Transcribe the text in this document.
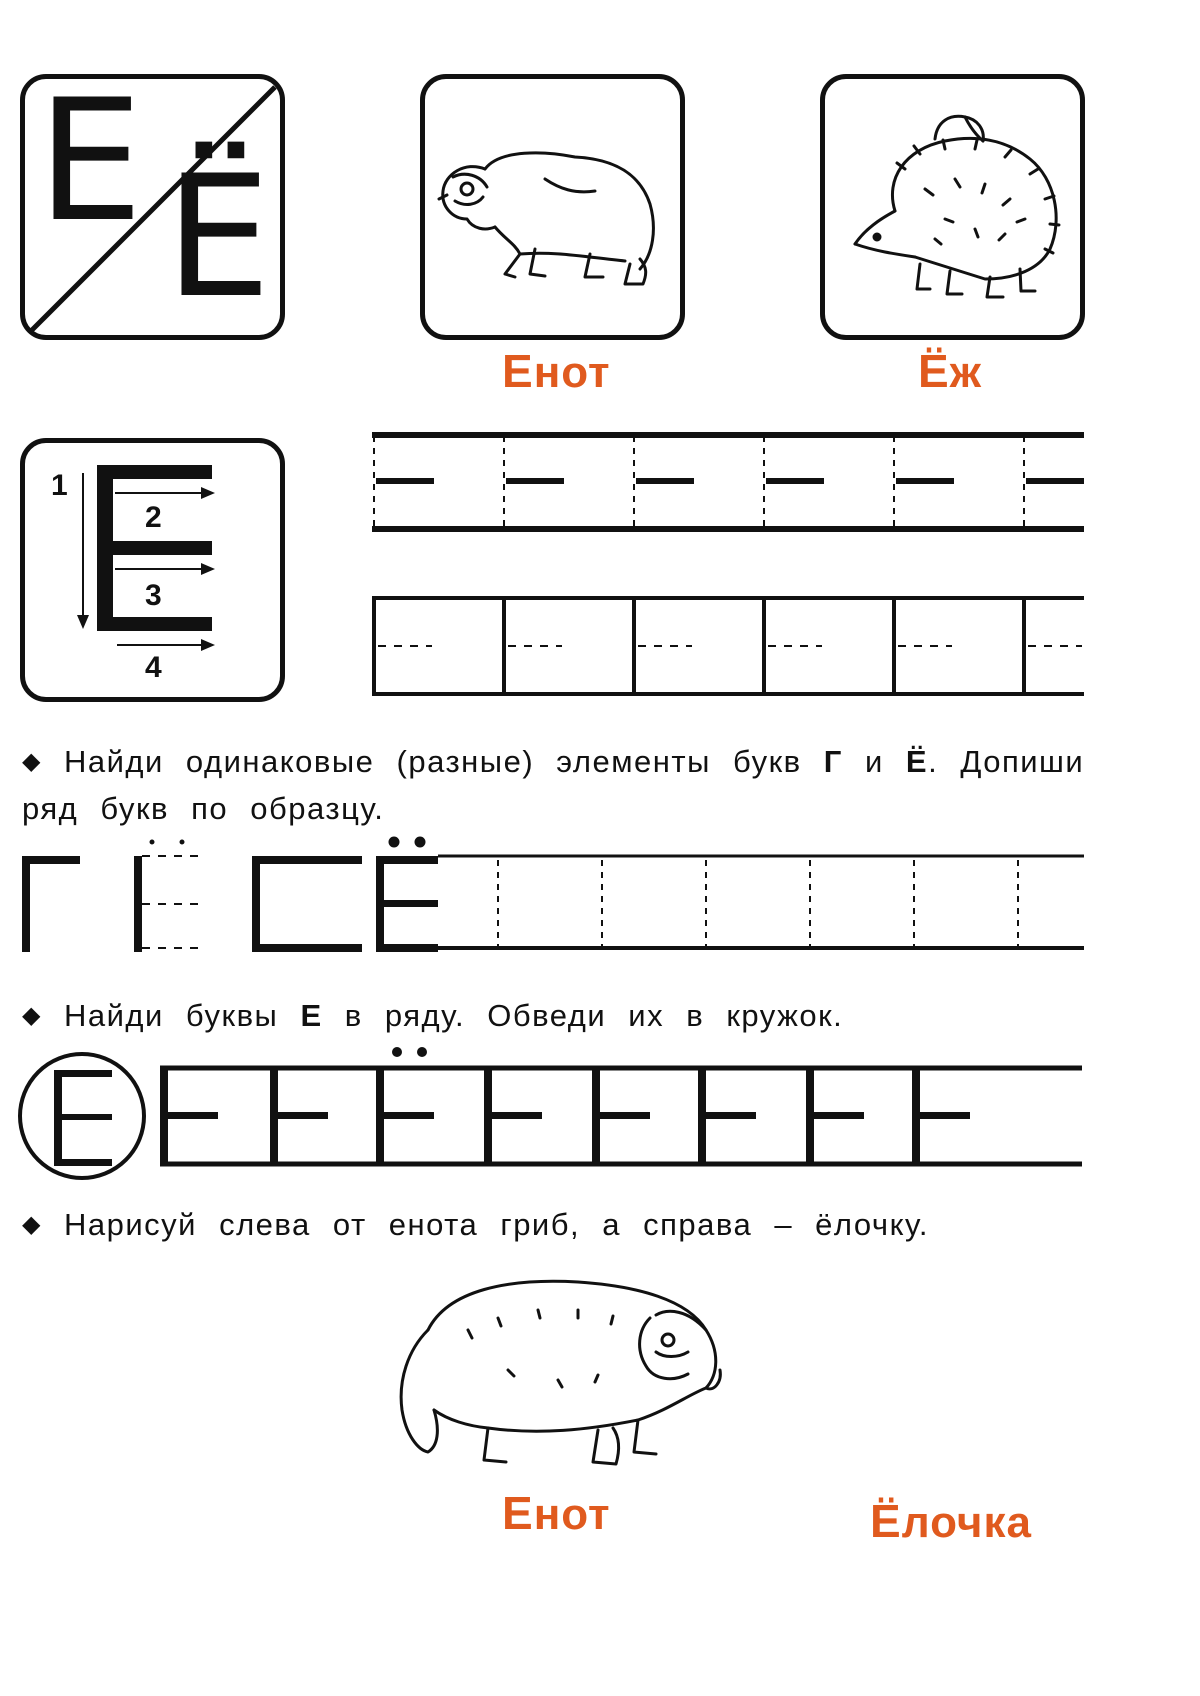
Е Ё
Енот	Ёж
1
2
3
4
◆ Найди одинаковые (разные) элементы букв Г и Ё. Допиши ряд букв по образцу.
◆ Найди буквы Е в ряду. Обведи их в кружок.
◆ Нарисуй слева от енота гриб, а справа – ёлочку.
Енот	Ёлочка
